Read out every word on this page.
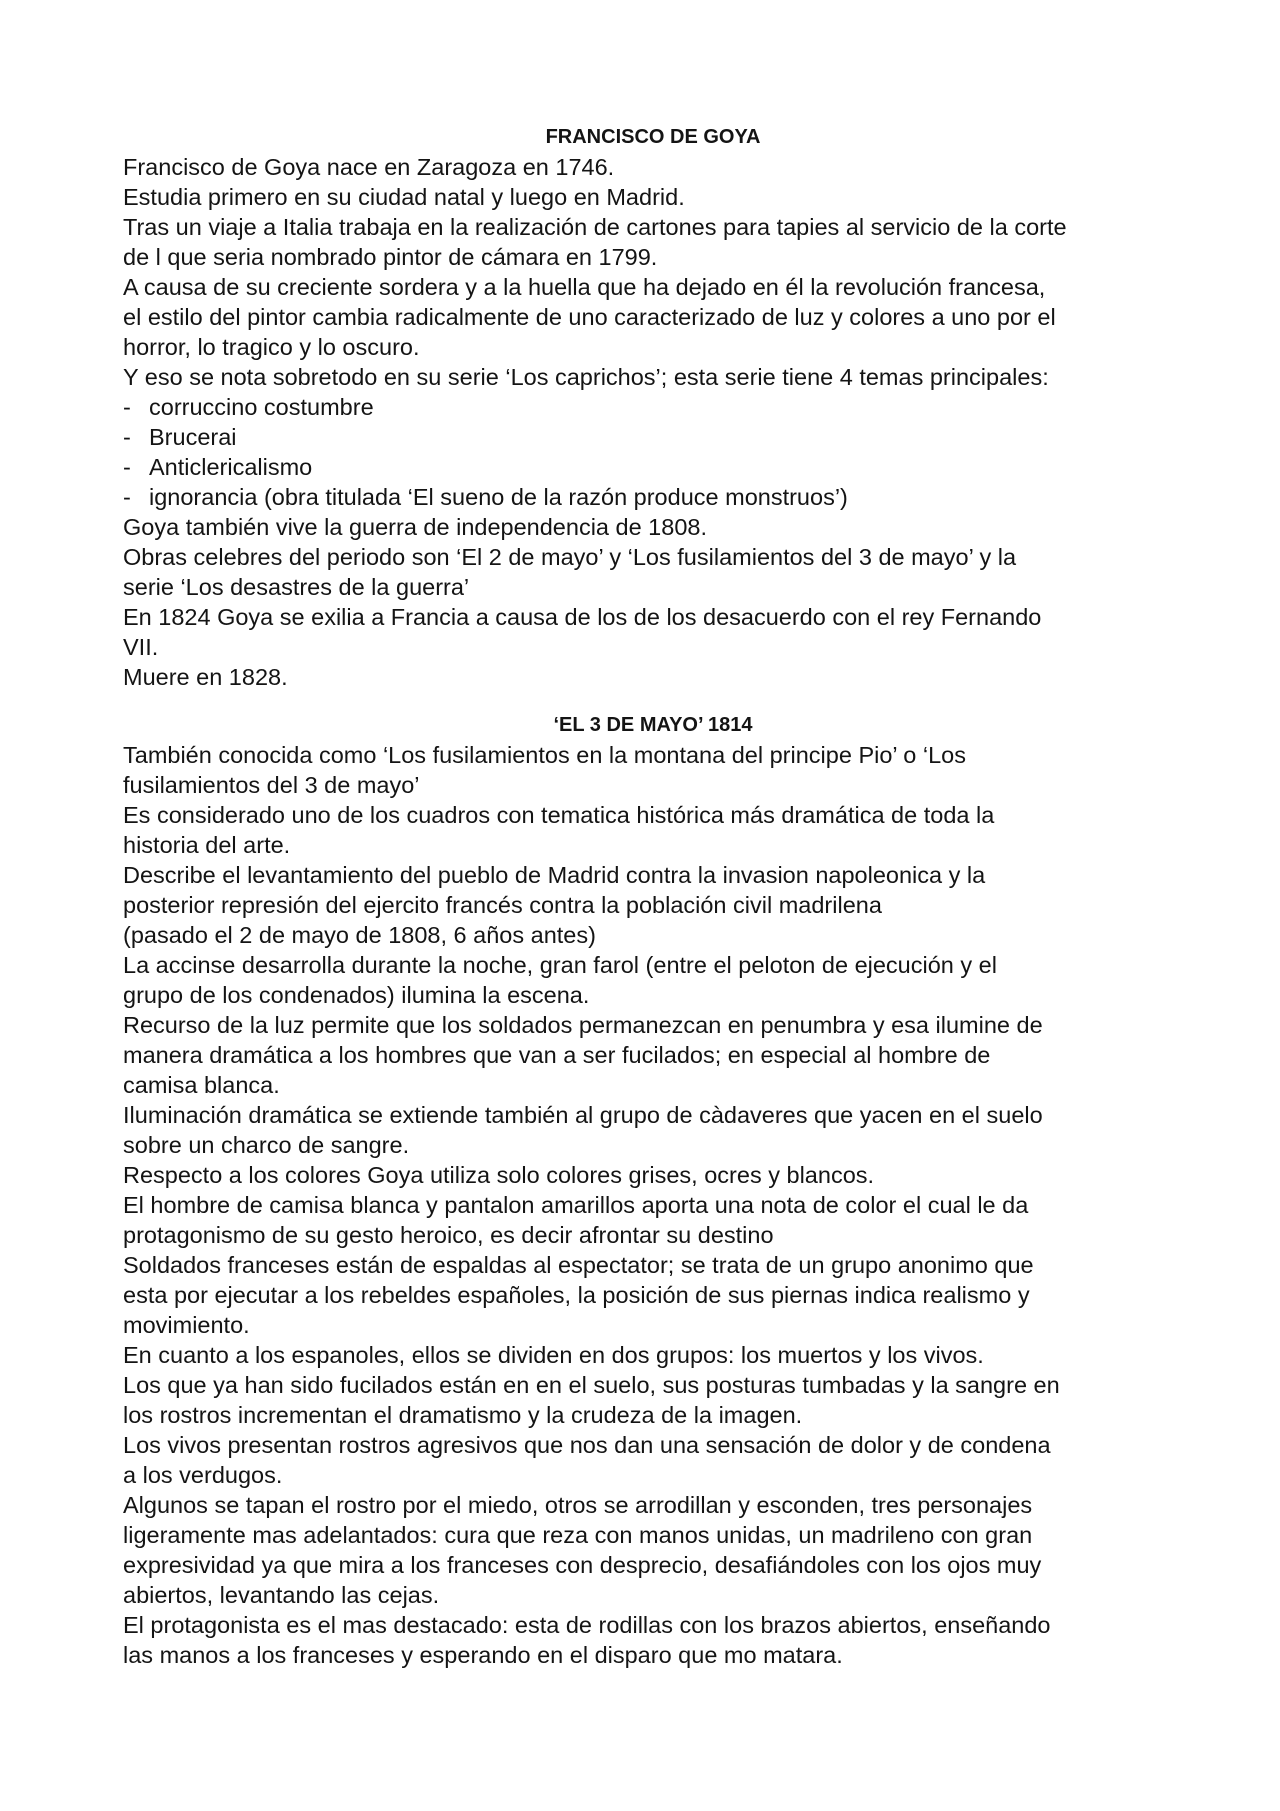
FRANCISCO DE GOYA

Francisco de Goya nace en Zaragoza en 1746.

Estudia primero en su ciudad natal y luego en Madrid.

Tras un viaje a Italia trabaja en la realización de cartones para tapies al servicio de la corte

de l que seria nombrado pintor de cámara en 1799.

A causa de su creciente sordera y a la huella que ha dejado en él la revolución francesa,

el estilo del pintor cambia radicalmente de uno caracterizado de luz y colores a uno por el

horror, lo tragico y lo oscuro.

Y eso se nota sobretodo en su serie ‘Los caprichos’; esta serie tiene 4 temas principales:

- corruccino costumbre
- Brucerai
- Anticlericalismo
- ignorancia (obra titulada ‘El sueno de la razón produce monstruos’)

Goya también vive la guerra de independencia de 1808.

Obras celebres del periodo son ‘El 2 de mayo’ y ‘Los fusilamientos del 3 de mayo’ y la

serie ‘Los desastres de la guerra’

En 1824 Goya se exilia a Francia a causa de los de los desacuerdo con el rey Fernando

VII.

Muere en 1828.

‘EL 3 DE MAYO’ 1814

También conocida como ‘Los fusilamientos en la montana del principe Pio’ o ‘Los

fusilamientos del 3 de mayo’

Es considerado uno de los cuadros con tematica histórica más dramática de toda la

historia del arte.

Describe el levantamiento del pueblo de Madrid contra la invasion napoleonica y la

posterior represión del ejercito francés contra la población civil madrilena

(pasado el 2 de mayo de 1808, 6 años antes)

La accinse desarrolla durante la noche, gran farol (entre el peloton de ejecución y el

grupo de los condenados) ilumina la escena.

Recurso de la luz permite que los soldados permanezcan en penumbra y esa ilumine de

manera dramática a los hombres que van a ser fucilados; en especial al hombre de

camisa blanca.

Iluminación dramática se extiende también al grupo de càdaveres que yacen en el suelo

sobre un charco de sangre.

Respecto a los colores Goya utiliza solo colores grises, ocres y blancos.

El hombre de camisa blanca y pantalon amarillos aporta una nota de color el cual le da

protagonismo de su gesto heroico, es decir afrontar su destino

Soldados franceses están de espaldas al espectator; se trata de un grupo anonimo que

esta por ejecutar a los rebeldes españoles, la posición de sus piernas indica realismo y

movimiento.

En cuanto a los espanoles, ellos se dividen en dos grupos: los muertos y los vivos.

Los que ya han sido fucilados están en en el suelo, sus posturas tumbadas y la sangre en

los rostros incrementan el dramatismo y la crudeza de la imagen.

Los vivos presentan rostros agresivos que nos dan una sensación de dolor y de condena

a los verdugos.

Algunos se tapan el rostro por el miedo, otros se arrodillan y esconden, tres personajes

ligeramente mas adelantados: cura que reza con manos unidas, un madrileno con gran

expresividad ya que mira a los franceses con desprecio, desafiándoles con los ojos muy

abiertos, levantando las cejas.

El protagonista es el mas destacado: esta de rodillas con los brazos abiertos, enseñando

las manos a los franceses y esperando en el disparo que mo matara.
